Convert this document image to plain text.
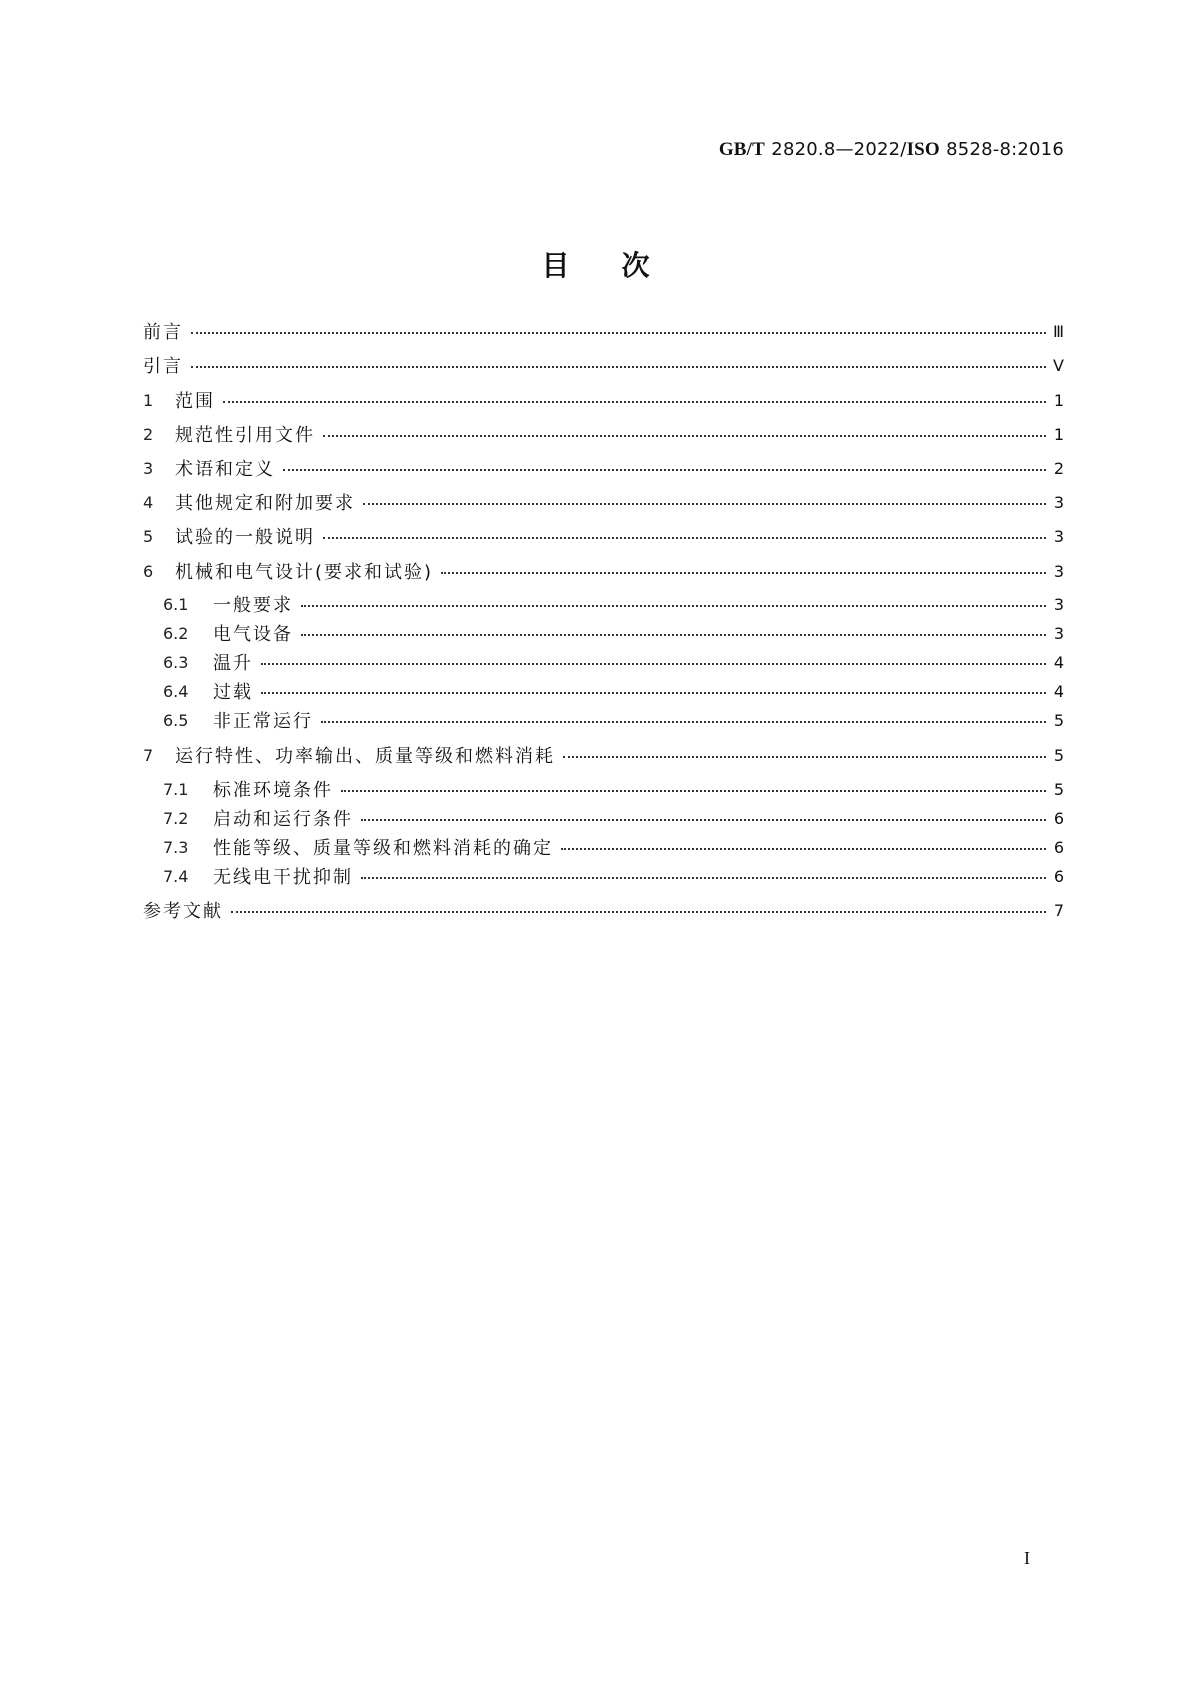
GB/T 2820.8—2022/ISO 8528-8:2016
目次
前言	Ⅲ
引言	Ⅴ
1	范围	1
2	规范性引用文件	1
3	术语和定义	2
4	其他规定和附加要求	3
5	试验的一般说明	3
6	机械和电气设计(要求和试验)	3
6.1	一般要求	3
6.2	电气设备	3
6.3	温升	4
6.4	过载	4
6.5	非正常运行	5
7	运行特性、功率输出、质量等级和燃料消耗	5
7.1	标准环境条件	5
7.2	启动和运行条件	6
7.3	性能等级、质量等级和燃料消耗的确定	6
7.4	无线电干扰抑制	6
参考文献	7
I
